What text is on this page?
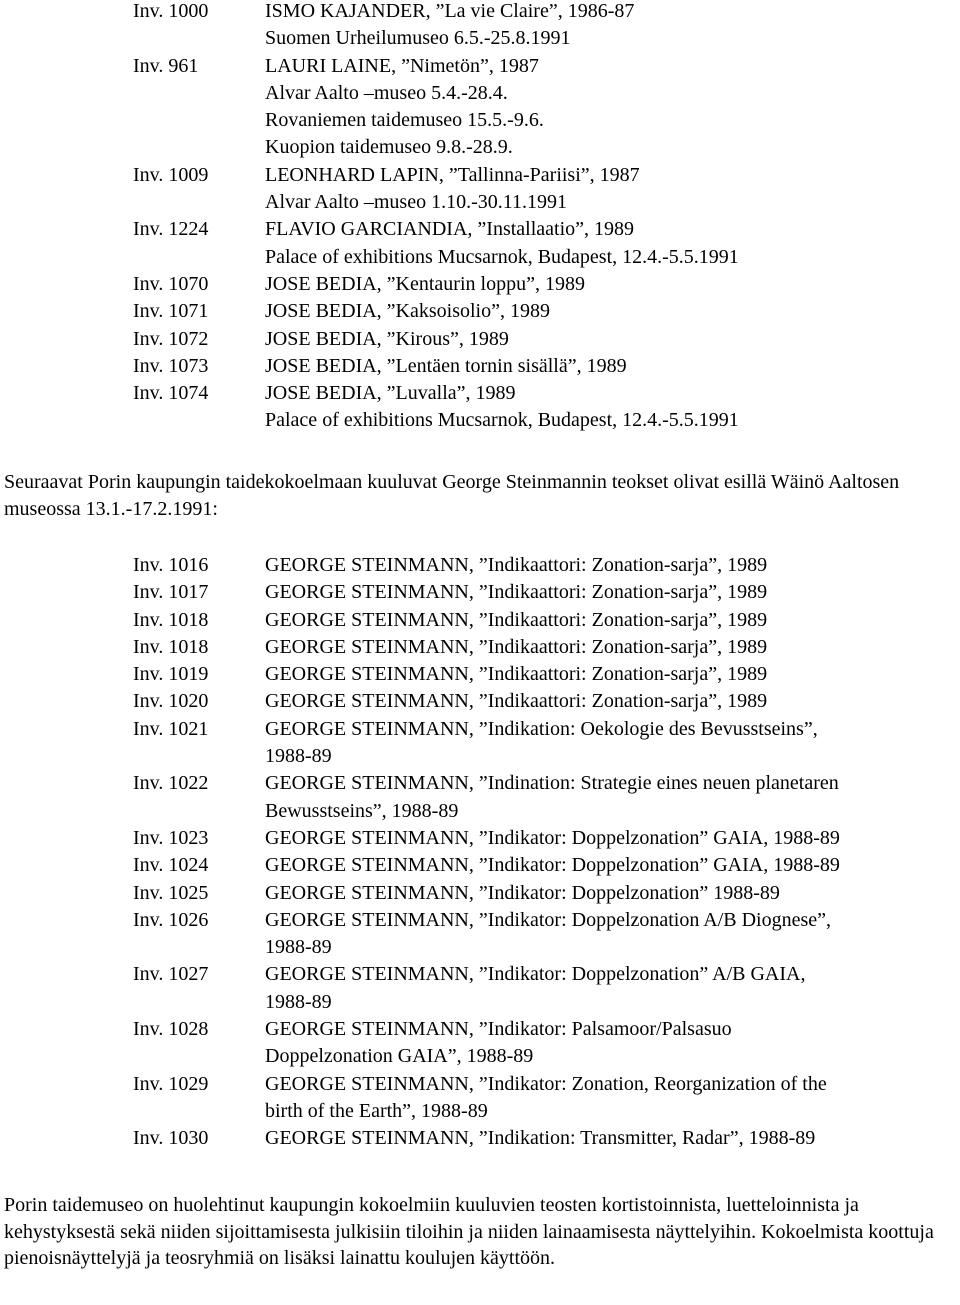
Inv. 1000	ISMO KAJANDER, ”La vie Claire”, 1986-87
Suomen Urheilumuseo 6.5.-25.8.1991
Inv. 961	LAURI LAINE, ”Nimetön”, 1987
Alvar Aalto –museo 5.4.-28.4.
Rovaniemen taidemuseo 15.5.-9.6.
Kuopion taidemuseo 9.8.-28.9.
Inv. 1009	LEONHARD LAPIN, ”Tallinna-Pariisi”, 1987
Alvar Aalto –museo 1.10.-30.11.1991
Inv. 1224	FLAVIO GARCIANDIA, ”Installaatio”, 1989
Palace of exhibitions Mucsarnok, Budapest, 12.4.-5.5.1991
Inv. 1070	JOSE BEDIA, ”Kentaurin loppu”, 1989
Inv. 1071	JOSE BEDIA, ”Kaksoisolio”, 1989
Inv. 1072	JOSE BEDIA, ”Kirous”, 1989
Inv. 1073	JOSE BEDIA, ”Lentäen tornin sisällä”, 1989
Inv. 1074	JOSE BEDIA, ”Luvalla”, 1989
Palace of exhibitions Mucsarnok, Budapest, 12.4.-5.5.1991

Seuraavat Porin kaupungin taidekokoelmaan kuuluvat George Steinmannin teokset olivat esillä Wäinö Aaltosen museossa 13.1.-17.2.1991:

Inv. 1016	GEORGE STEINMANN, ”Indikaattori: Zonation-sarja”, 1989
Inv. 1017	GEORGE STEINMANN, ”Indikaattori: Zonation-sarja”, 1989
Inv. 1018	GEORGE STEINMANN, ”Indikaattori: Zonation-sarja”, 1989
Inv. 1018	GEORGE STEINMANN, ”Indikaattori: Zonation-sarja”, 1989
Inv. 1019	GEORGE STEINMANN, ”Indikaattori: Zonation-sarja”, 1989
Inv. 1020	GEORGE STEINMANN, ”Indikaattori: Zonation-sarja”, 1989
Inv. 1021	GEORGE STEINMANN, ”Indikation: Oekologie des Bevusstseins”,
1988-89
Inv. 1022	GEORGE STEINMANN, ”Indination: Strategie eines neuen planetaren
Bewusstseins”, 1988-89
Inv. 1023	GEORGE STEINMANN, ”Indikator: Doppelzonation” GAIA, 1988-89
Inv. 1024	GEORGE STEINMANN, ”Indikator: Doppelzonation” GAIA, 1988-89
Inv. 1025	GEORGE STEINMANN, ”Indikator: Doppelzonation” 1988-89
Inv. 1026	GEORGE STEINMANN, ”Indikator: Doppelzonation A/B Diognese”,
1988-89
Inv. 1027	GEORGE STEINMANN, ”Indikator: Doppelzonation” A/B GAIA,
1988-89
Inv. 1028	GEORGE STEINMANN, ”Indikator: Palsamoor/Palsasuo
Doppelzonation GAIA”, 1988-89
Inv. 1029	GEORGE STEINMANN, ”Indikator: Zonation, Reorganization of the
birth of the Earth”, 1988-89
Inv. 1030	GEORGE STEINMANN, ”Indikation: Transmitter, Radar”, 1988-89

Porin taidemuseo on huolehtinut kaupungin kokoelmiin kuuluvien teosten kortistoinnista, luetteloinnista ja kehystyksestä sekä niiden sijoittamisesta julkisiin tiloihin ja niiden lainaamisesta näyttelyihin. Kokoelmista koottuja pienoisnäyttelyjä ja teosryhmiä on lisäksi lainattu koulujen käyttöön.
